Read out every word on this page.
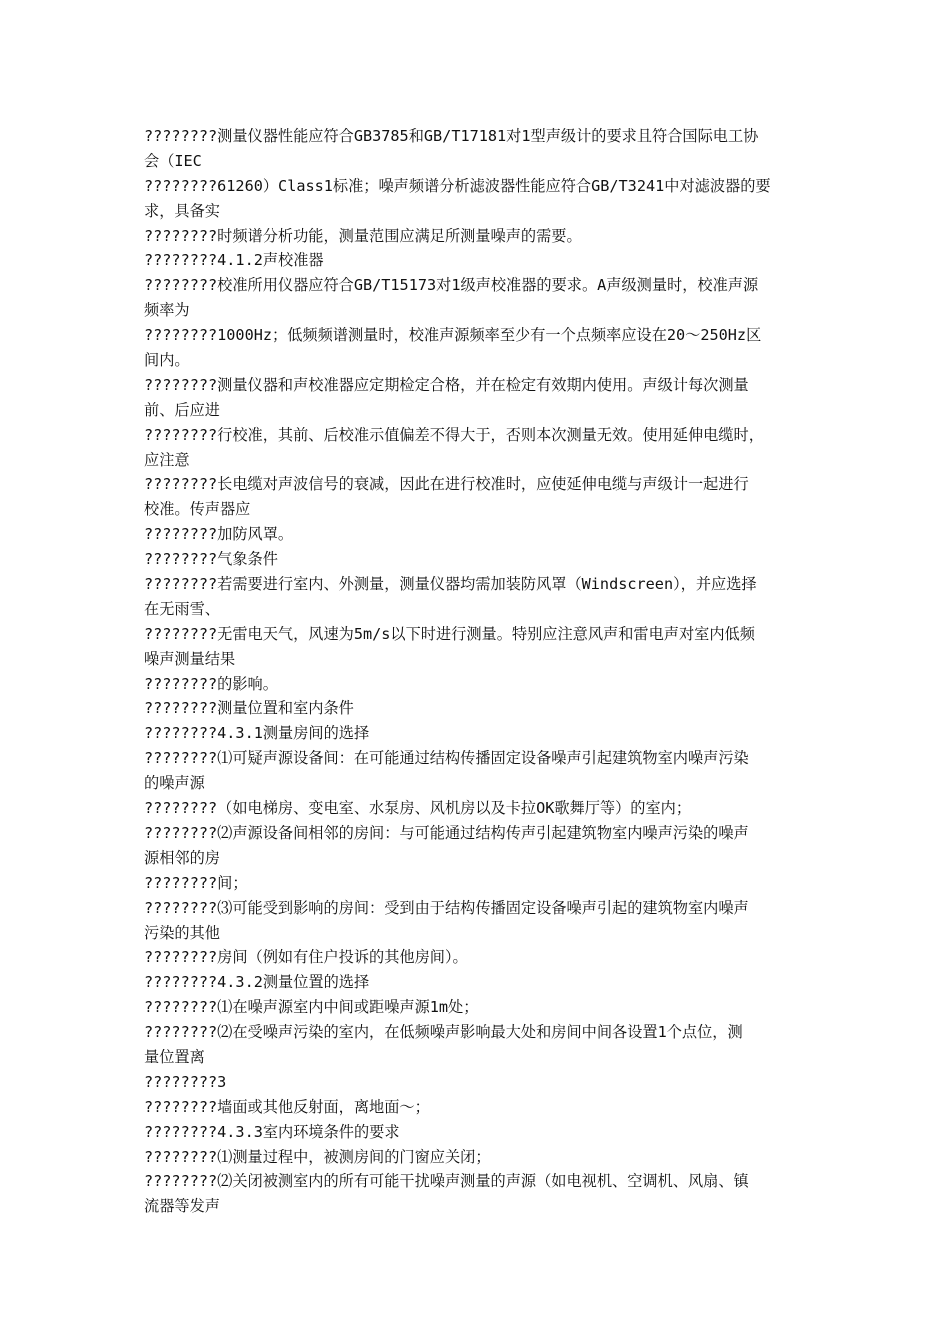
????????测量仪器性能应符合GB3785和GB/T17181对1型声级计的要求且符合国际电工协
会（IEC
????????61260）Class1标准；噪声频谱分析滤波器性能应符合GB/T3241中对滤波器的要
求，具备实
????????时频谱分析功能，测量范围应满足所测量噪声的需要。
????????4.1.2声校准器
????????校准所用仪器应符合GB/T15173对1级声校准器的要求。A声级测量时，校准声源
频率为
????????1000Hz；低频频谱测量时，校准声源频率至少有一个点频率应设在20～250Hz区
间内。
????????测量仪器和声校准器应定期检定合格，并在检定有效期内使用。声级计每次测量
前、后应进
????????行校准，其前、后校准示值偏差不得大于，否则本次测量无效。使用延伸电缆时，
应注意
????????长电缆对声波信号的衰减，因此在进行校准时，应使延伸电缆与声级计一起进行
校准。传声器应
????????加防风罩。
????????气象条件
????????若需要进行室内、外测量，测量仪器均需加装防风罩（Windscreen），并应选择
在无雨雪、
????????无雷电天气，风速为5m/s以下时进行测量。特别应注意风声和雷电声对室内低频
噪声测量结果
????????的影响。
????????测量位置和室内条件
????????4.3.1测量房间的选择
????????⑴可疑声源设备间：在可能通过结构传播固定设备噪声引起建筑物室内噪声污染
的噪声源
????????（如电梯房、变电室、水泵房、风机房以及卡拉OK歌舞厅等）的室内；
????????⑵声源设备间相邻的房间：与可能通过结构传声引起建筑物室内噪声污染的噪声
源相邻的房
????????间；
????????⑶可能受到影响的房间：受到由于结构传播固定设备噪声引起的建筑物室内噪声
污染的其他
????????房间（例如有住户投诉的其他房间）。
????????4.3.2测量位置的选择
????????⑴在噪声源室内中间或距噪声源1m处；
????????⑵在受噪声污染的室内，在低频噪声影响最大处和房间中间各设置1个点位，测
量位置离
????????3
????????墙面或其他反射面，离地面～；
????????4.3.3室内环境条件的要求
????????⑴测量过程中，被测房间的门窗应关闭；
????????⑵关闭被测室内的所有可能干扰噪声测量的声源（如电视机、空调机、风扇、镇
流器等发声
